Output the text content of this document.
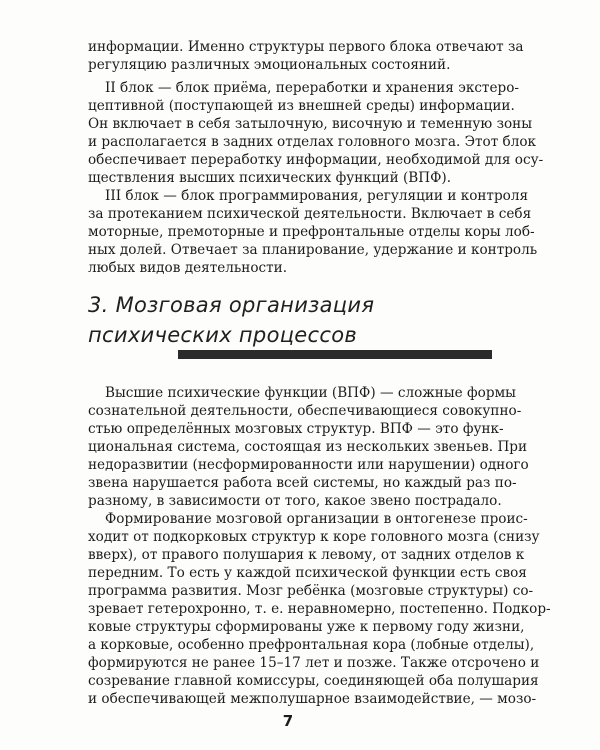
информации. Именно структуры первого блока отвечают за
регуляцию различных эмоциональных состояний.
II блок — блок приёма, переработки и хранения экстеро-
цептивной (поступающей из внешней среды) информации.
Он включает в себя затылочную, височную и теменную зоны
и располагается в задних отделах головного мозга. Этот блок
обеспечивает переработку информации, необходимой для осу-
ществления высших психических функций (ВПФ).
III блок — блок программирования, регуляции и контроля
за протеканием психической деятельности. Включает в себя
моторные, премоторные и префронтальные отделы коры лоб-
ных долей. Отвечает за планирование, удержание и контроль
любых видов деятельности.
3. Мозговая организация
психических процессов
Высшие психические функции (ВПФ) — сложные формы
сознательной деятельности, обеспечивающиеся совокупно-
стью определённых мозговых структур. ВПФ — это функ-
циональная система, состоящая из нескольких звеньев. При
недоразвитии (несформированности или нарушении) одного
звена нарушается работа всей системы, но каждый раз по-
разному, в зависимости от того, какое звено пострадало.
Формирование мозговой организации в онтогенезе проис-
ходит от подкорковых структур к коре головного мозга (снизу
вверх), от правого полушария к левому, от задних отделов к
передним. То есть у каждой психической функции есть своя
программа развития. Мозг ребёнка (мозговые структуры) со-
зревает гетерохронно, т. е. неравномерно, постепенно. Подкор-
ковые структуры сформированы уже к первому году жизни,
а корковые, особенно префронтальная кора (лобные отделы),
формируются не ранее 15–17 лет и позже. Также отсрочено и
созревание главной комиссуры, соединяющей оба полушария
и обеспечивающей межполушарное взаимодействие, — мозо-
7
